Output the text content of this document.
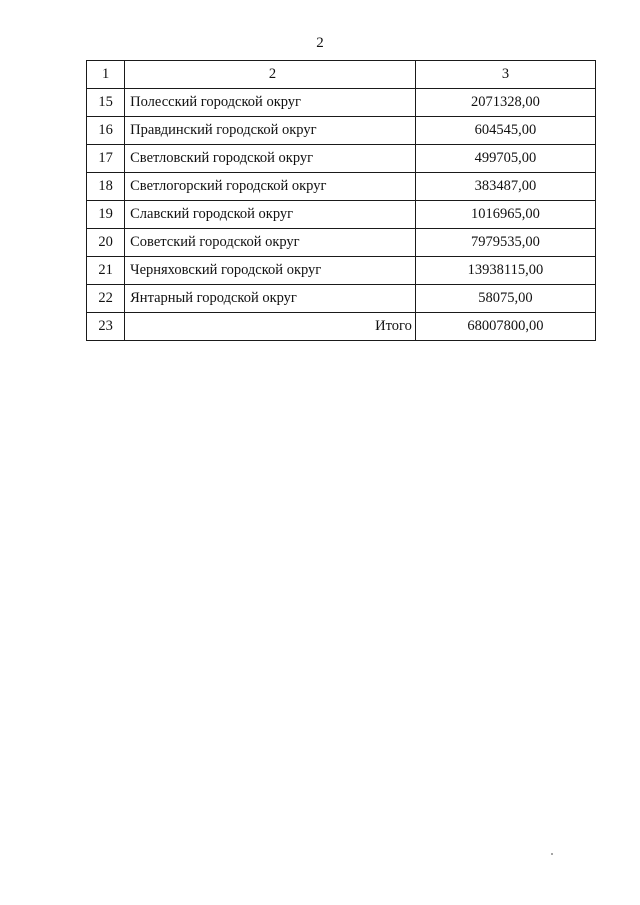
2
1	2	3
15	Полесский городской округ	2071328,00
16	Правдинский городской округ	604545,00
17	Светловский городской округ	499705,00
18	Светлогорский городской округ	383487,00
19	Славский городской округ	1016965,00
20	Советский городской округ	7979535,00
21	Черняховский городской округ	13938115,00
22	Янтарный городской округ	58075,00
23	Итого	68007800,00
